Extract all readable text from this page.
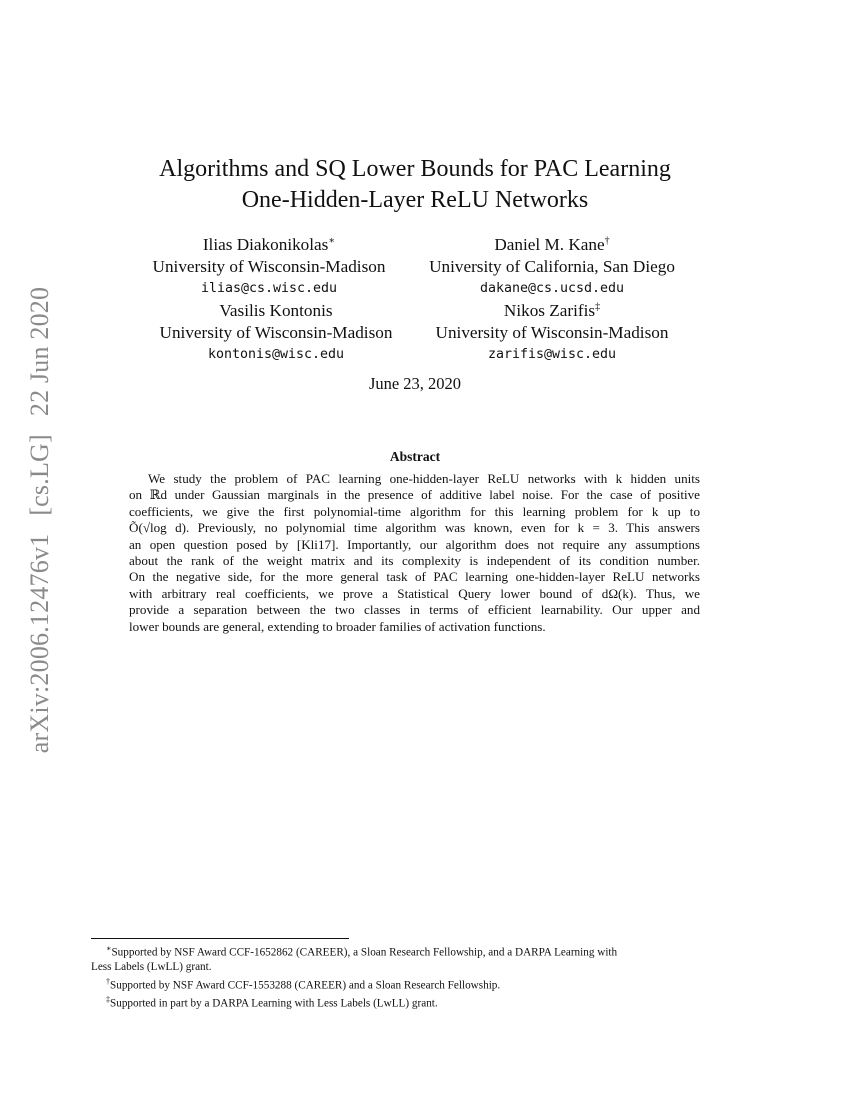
arXiv:2006.12476v1[cs.LG]22 Jun 2020
Algorithms and SQ Lower Bounds for PAC Learning
One-Hidden-Layer ReLU Networks
Ilias Diakonikolas∗
University of Wisconsin-Madison
ilias@cs.wisc.edu
Daniel M. Kane†
University of California, San Diego
dakane@cs.ucsd.edu
Vasilis Kontonis
University of Wisconsin-Madison
kontonis@wisc.edu
Nikos Zarifis‡
University of Wisconsin-Madison
zarifis@wisc.edu
June 23, 2020
Abstract
We study the problem of PAC learning one-hidden-layer ReLU networks with k hidden units
on ℝd under Gaussian marginals in the presence of additive label noise. For the case of positive
coefficients, we give the first polynomial-time algorithm for this learning problem for k up to
Õ(√log d). Previously, no polynomial time algorithm was known, even for k = 3. This answers
an open question posed by [Kli17]. Importantly, our algorithm does not require any assumptions
about the rank of the weight matrix and its complexity is independent of its condition number.
On the negative side, for the more general task of PAC learning one-hidden-layer ReLU networks
with arbitrary real coefficients, we prove a Statistical Query lower bound of dΩ(k). Thus, we
provide a separation between the two classes in terms of efficient learnability. Our upper and
lower bounds are general, extending to broader families of activation functions.
∗Supported by NSF Award CCF-1652862 (CAREER), a Sloan Research Fellowship, and a DARPA Learning with
Less Labels (LwLL) grant.
†Supported by NSF Award CCF-1553288 (CAREER) and a Sloan Research Fellowship.
‡Supported in part by a DARPA Learning with Less Labels (LwLL) grant.
